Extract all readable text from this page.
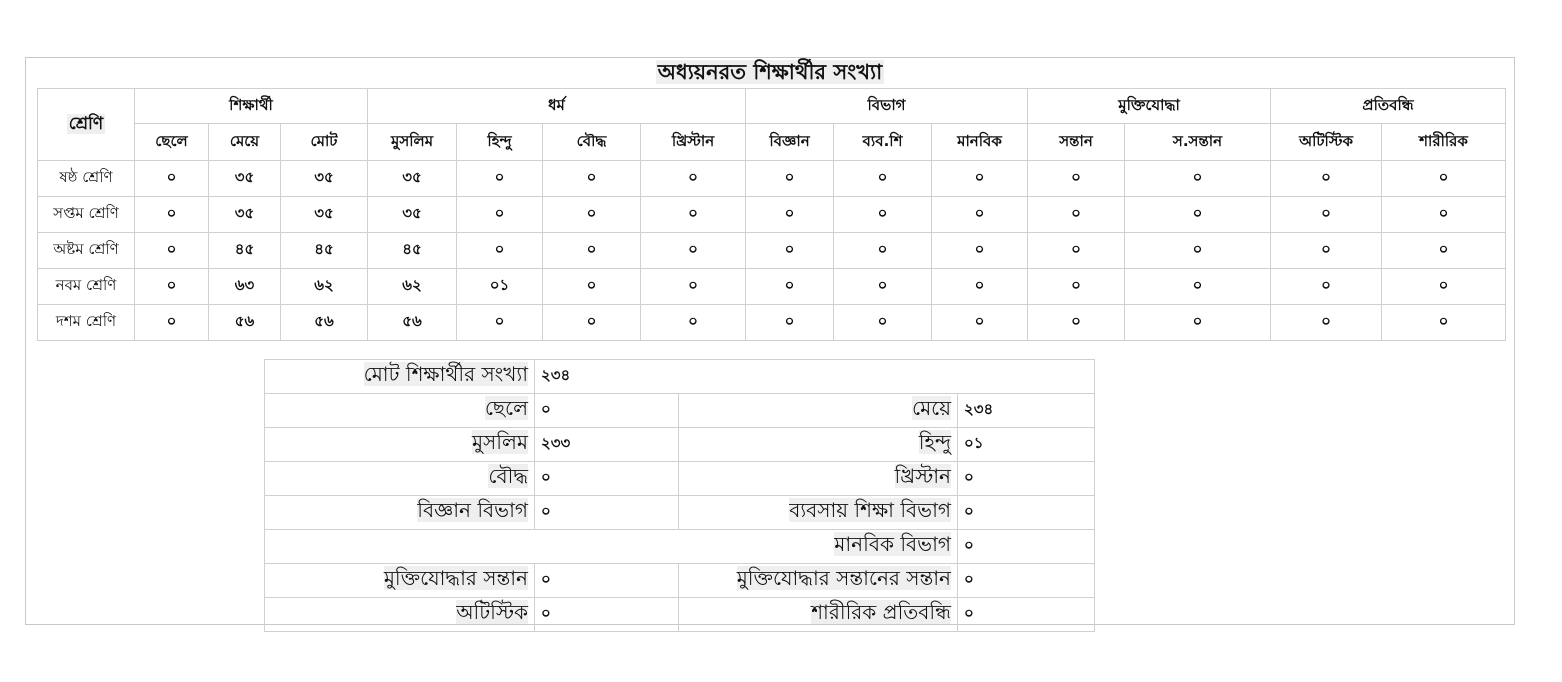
অধ্যয়নরত শিক্ষার্থীর সংখ্যা
শ্রেণি	শিক্ষার্থী			ধর্ম				বিভাগ			মুক্তিযোদ্ধা		প্রতিবন্ধি	
	ছেলে	মেয়ে	মোট	মুসলিম	হিন্দু	বৌদ্ধ	খ্রিস্টান	বিজ্ঞান	ব্যব.শি	মানবিক	সন্তান	স.সন্তান	অটিস্টিক	শারীরিক
ষষ্ঠ শ্রেণি	০	৩৫	৩৫	৩৫	০	০	০	০	০	০	০	০	০	০
সপ্তম শ্রেণি	০	৩৫	৩৫	৩৫	০	০	০	০	০	০	০	০	০	০
অষ্টম শ্রেণি	০	৪৫	৪৫	৪৫	০	০	০	০	০	০	০	০	০	০
নবম শ্রেণি	০	৬৩	৬২	৬২	০১	০	০	০	০	০	০	০	০	০
দশম শ্রেণি	০	৫৬	৫৬	৫৬	০	০	০	০	০	০	০	০	০	০
মোট শিক্ষার্থীর সংখ্যা	২৩৪		
ছেলে	০	মেয়ে	২৩৪
মুসলিম	২৩৩	হিন্দু	০১
বৌদ্ধ	০	খ্রিস্টান	০
বিজ্ঞান বিভাগ	০	ব্যবসায় শিক্ষা বিভাগ	০
মানবিক বিভাগ			০
মুক্তিযোদ্ধার সন্তান	০	মুক্তিযোদ্ধার সন্তানের সন্তান	০
অটিস্টিক	০	শারীরিক প্রতিবন্ধি	০
